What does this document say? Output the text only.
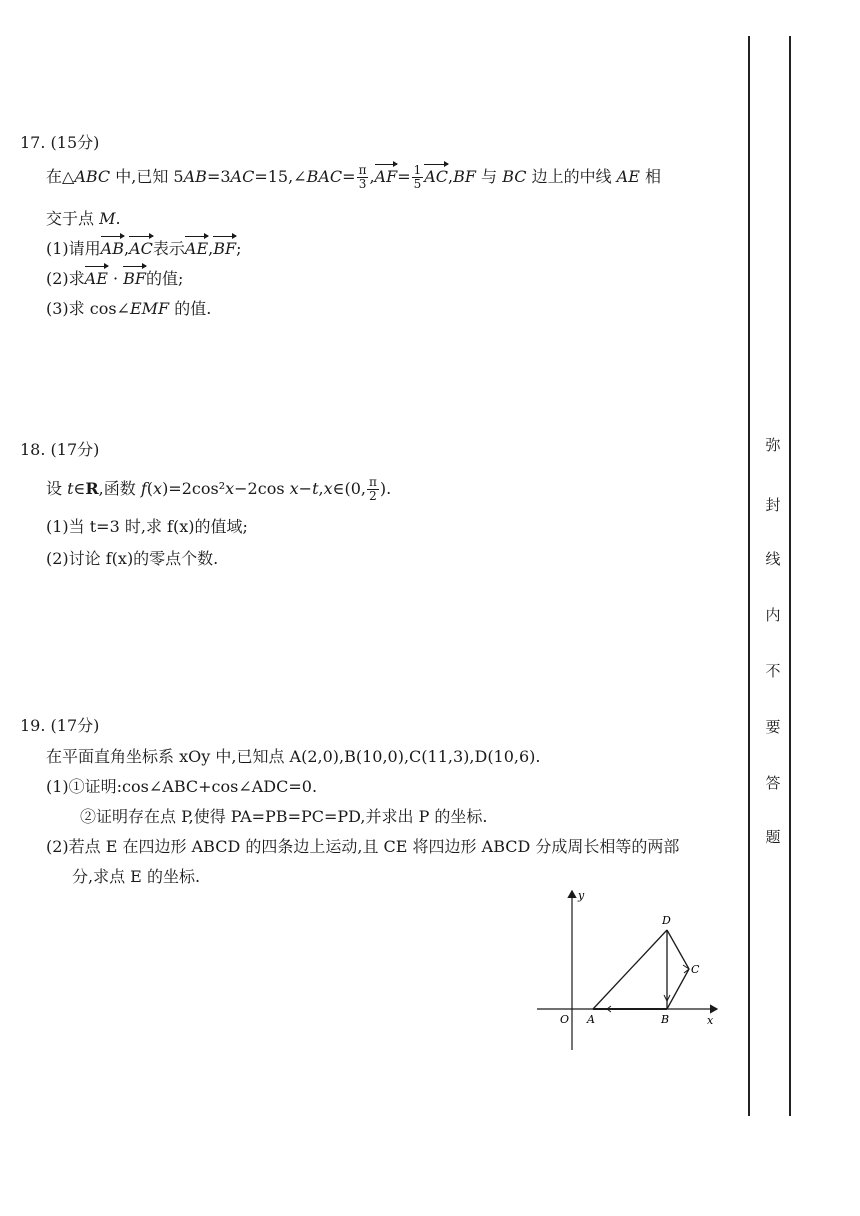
弥
封
线
内
不
要
答
题
17. (15分)
在△ABC 中,已知 5AB=3AC=15,∠BAC= $\frac{\pi}{3} ,AF= \frac{1}{5} AC,BF$ 与 BC 边上的中线 AE 相
交于点 M.
(1)请用AB,AC表示AE,BF;
(2)求AE · BF的值;
(3)求 cos∠EMF 的值.
18. (17分)
设 t∈R,函数 f(x)=2cos²x−2cos x−t,x∈(0, $\frac{\pi}{2}$ ).
(1)当 t=3 时,求 f(x)的值域;
(2)讨论 f(x)的零点个数.
19. (17分)
在平面直角坐标系 xOy 中,已知点 A(2,0),B(10,0),C(11,3),D(10,6).
(1)①证明:cos∠ABC+cos∠ADC=0.
②证明存在点 P,使得 PA=PB=PC=PD,并求出 P 的坐标.
(2)若点 E 在四边形 ABCD 的四条边上运动,且 CE 将四边形 ABCD 分成周长相等的两部
分,求点 E 的坐标.
y
x
O A	B
C
D
